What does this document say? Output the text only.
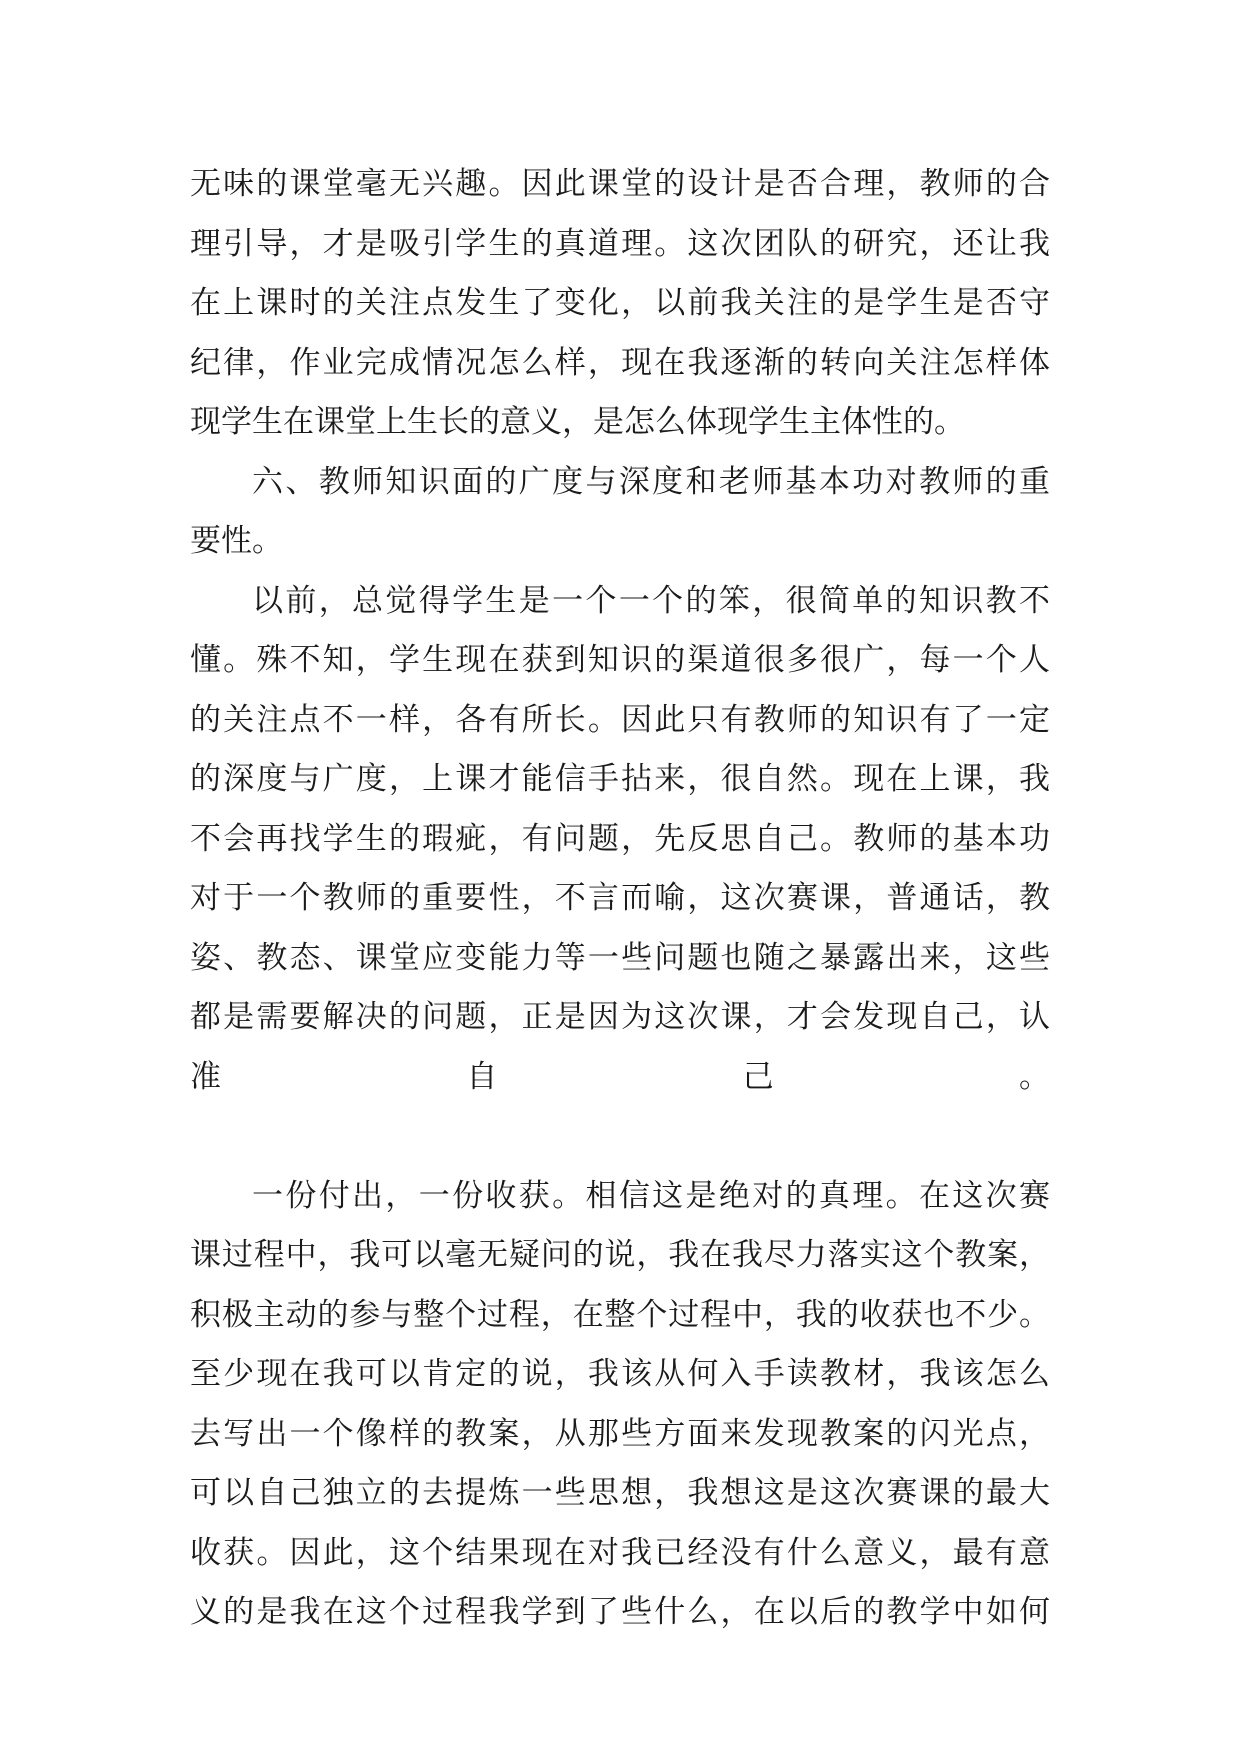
无味的课堂毫无兴趣。因此课堂的设计是否合理，教师的合
理引导，才是吸引学生的真道理。这次团队的研究，还让我
在上课时的关注点发生了变化，以前我关注的是学生是否守
纪律，作业完成情况怎么样，现在我逐渐的转向关注怎样体
现学生在课堂上生长的意义，是怎么体现学生主体性的。
六、教师知识面的广度与深度和老师基本功对教师的重
要性。
以前，总觉得学生是一个一个的笨，很简单的知识教不
懂。殊不知，学生现在获到知识的渠道很多很广，每一个人
的关注点不一样，各有所长。因此只有教师的知识有了一定
的深度与广度，上课才能信手拈来，很自然。现在上课，我
不会再找学生的瑕疵，有问题，先反思自己。教师的基本功
对于一个教师的重要性，不言而喻，这次赛课，普通话，教
姿、教态、课堂应变能力等一些问题也随之暴露出来，这些
都是需要解决的问题，正是因为这次课，才会发现自己，认
准自己。
一份付出，一份收获。相信这是绝对的真理。在这次赛
课过程中，我可以毫无疑问的说，我在我尽力落实这个教案，
积极主动的参与整个过程，在整个过程中，我的收获也不少。
至少现在我可以肯定的说，我该从何入手读教材，我该怎么
去写出一个像样的教案，从那些方面来发现教案的闪光点，
可以自己独立的去提炼一些思想，我想这是这次赛课的最大
收获。因此，这个结果现在对我已经没有什么意义，最有意
义的是我在这个过程我学到了些什么，在以后的教学中如何
